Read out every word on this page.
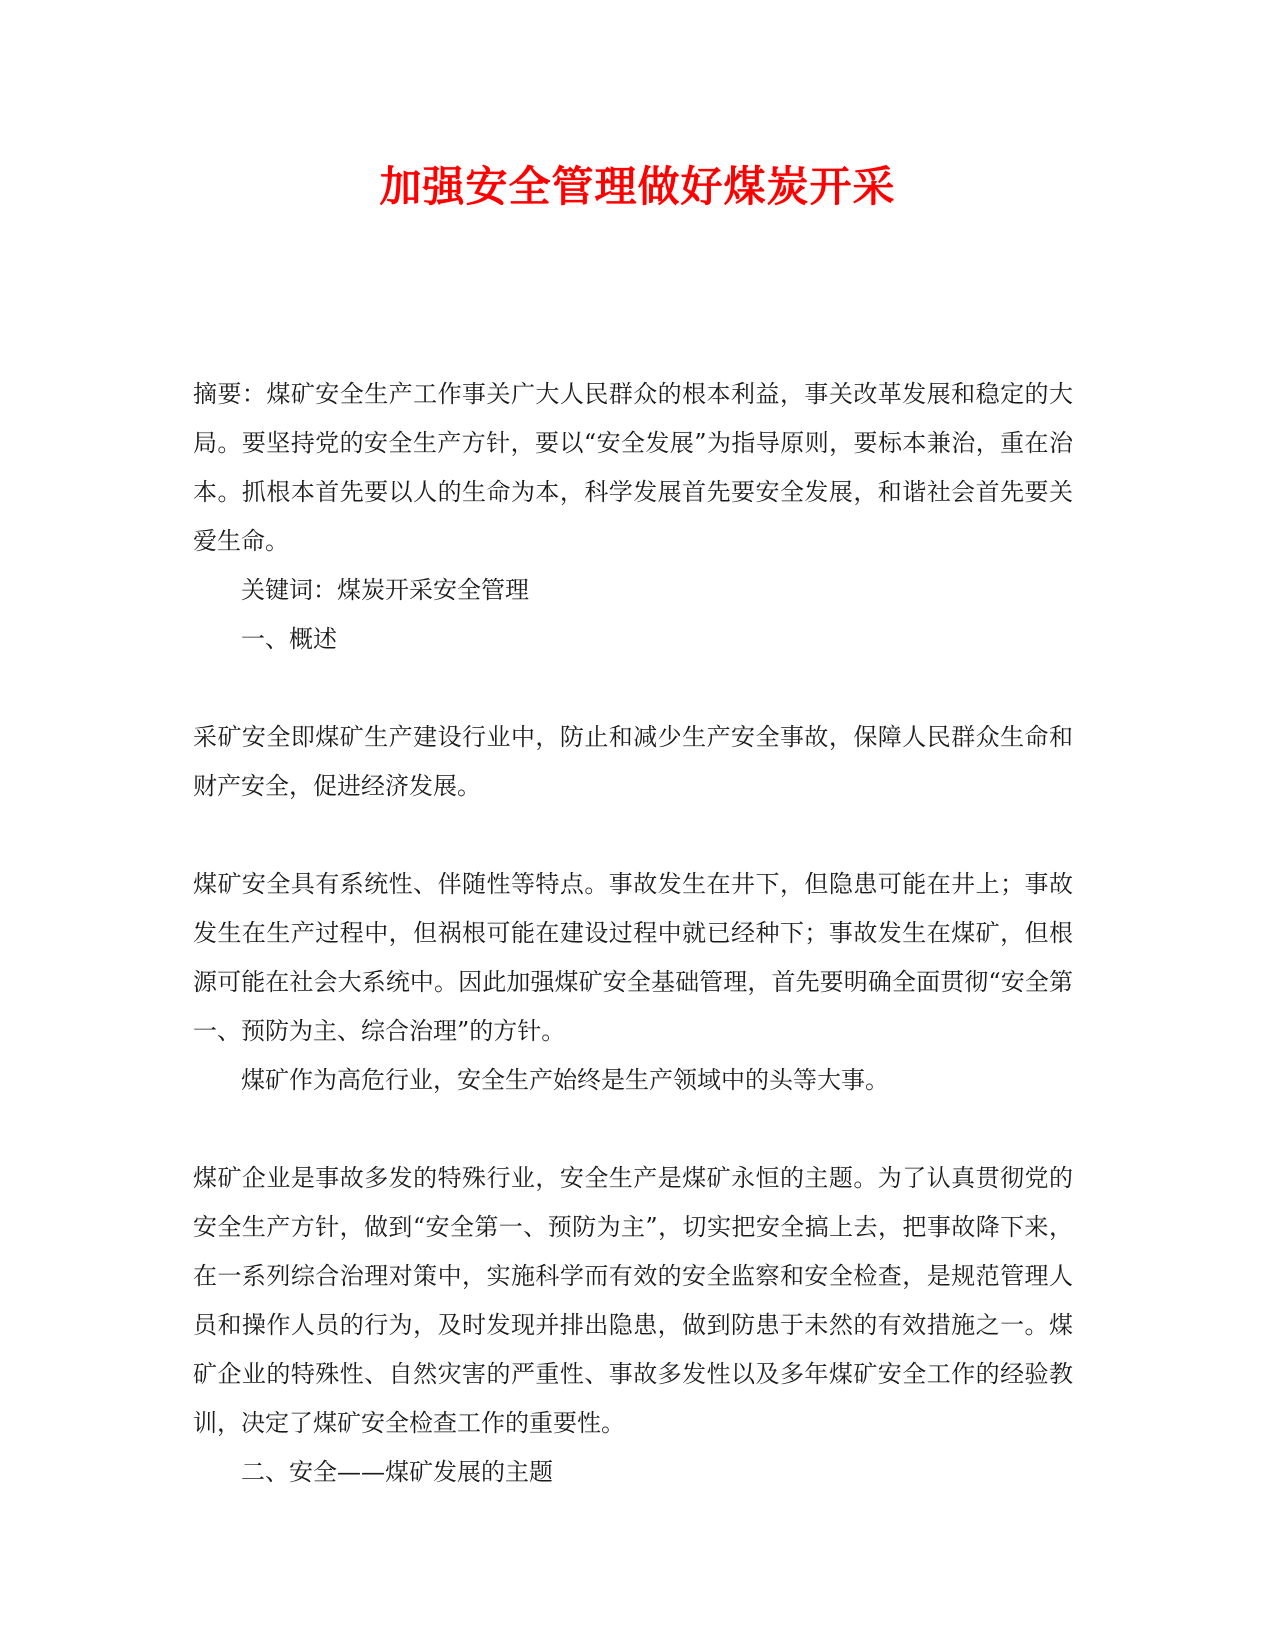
加强安全管理做好煤炭开采

摘要：煤矿安全生产工作事关广大人民群众的根本利益，事关改革发展和稳定的大局。要坚持党的安全生产方针，要以“安全发展”为指导原则，要标本兼治，重在治本。抓根本首先要以人的生命为本，科学发展首先要安全发展，和谐社会首先要关爱生命。

关键词：煤炭开采安全管理

一、概述

采矿安全即煤矿生产建设行业中，防止和减少生产安全事故，保障人民群众生命和财产安全，促进经济发展。

煤矿安全具有系统性、伴随性等特点。事故发生在井下，但隐患可能在井上；事故发生在生产过程中，但祸根可能在建设过程中就已经种下；事故发生在煤矿，但根源可能在社会大系统中。因此加强煤矿安全基础管理，首先要明确全面贯彻“安全第一、预防为主、综合治理”的方针。

煤矿作为高危行业，安全生产始终是生产领域中的头等大事。

煤矿企业是事故多发的特殊行业，安全生产是煤矿永恒的主题。为了认真贯彻党的安全生产方针，做到“安全第一、预防为主”，切实把安全搞上去，把事故降下来，在一系列综合治理对策中，实施科学而有效的安全监察和安全检查，是规范管理人员和操作人员的行为，及时发现并排出隐患，做到防患于未然的有效措施之一。煤矿企业的特殊性、自然灾害的严重性、事故多发性以及多年煤矿安全工作的经验教训，决定了煤矿安全检查工作的重要性。

二、安全——煤矿发展的主题
